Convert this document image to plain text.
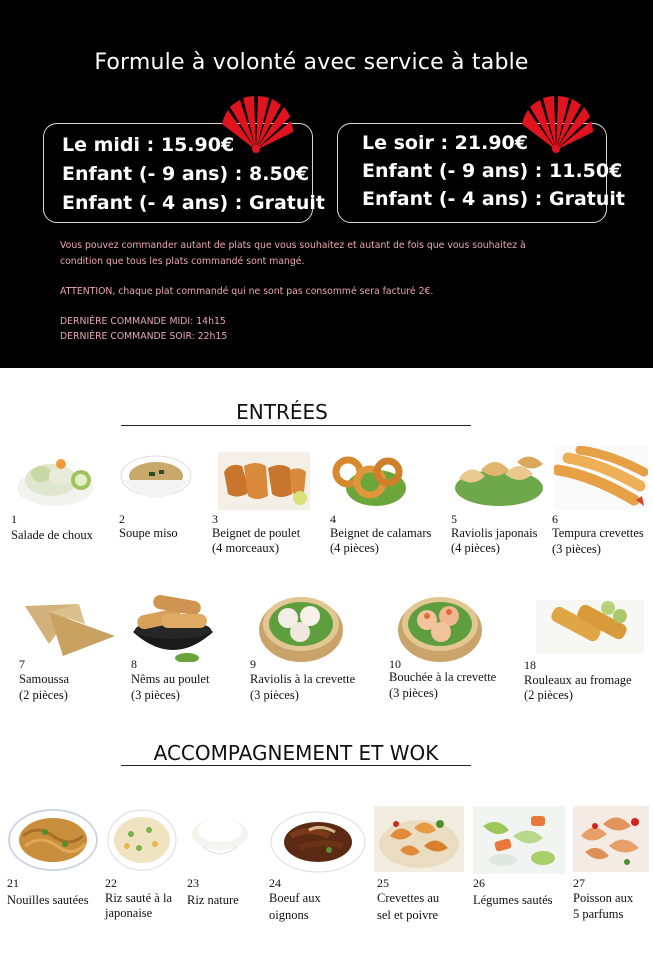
Formule à volonté avec service à table
Le midi : 15.90€
Enfant (- 9 ans) : 8.50€
Enfant (- 4 ans) : Gratuit
Le soir : 21.90€
Enfant (- 9 ans) : 11.50€
Enfant (- 4 ans) : Gratuit
Vous pouvez commander autant de plats que vous souhaitez et autant de fois que vous souhaitez à
condition que tous les plats commandé sont mangé.
ATTENTION, chaque plat commandé qui ne sont pas consommé sera facturé 2€.
DERNIÈRE COMMANDE MIDI: 14h15
DERNIÈRE COMMANDE SOIR: 22h15
ENTRÉES
1
Salade de choux
2
Soupe miso
3
Beignet de poulet
(4 morceaux)
4
Beignet de calamars
(4 pièces)
5
Raviolis japonais
(4 pièces)
6
Tempura crevettes
(3 pièces)
7
Samoussa
(2 pièces)
8
Nêms au poulet
(3 pièces)
9
Raviolis à la crevette
(3 pièces)
10
Bouchée à la crevette
(3 pièces)
18
Rouleaux au fromage
(2 pièces)
ACCOMPAGNEMENT ET WOK
21
Nouilles sautées
22
Riz sauté à la
japonaise
23
Riz nature
24
Boeuf aux
oignons
25
Crevettes au
sel et poivre
26
Légumes sautés
27
Poisson aux
5 parfums
